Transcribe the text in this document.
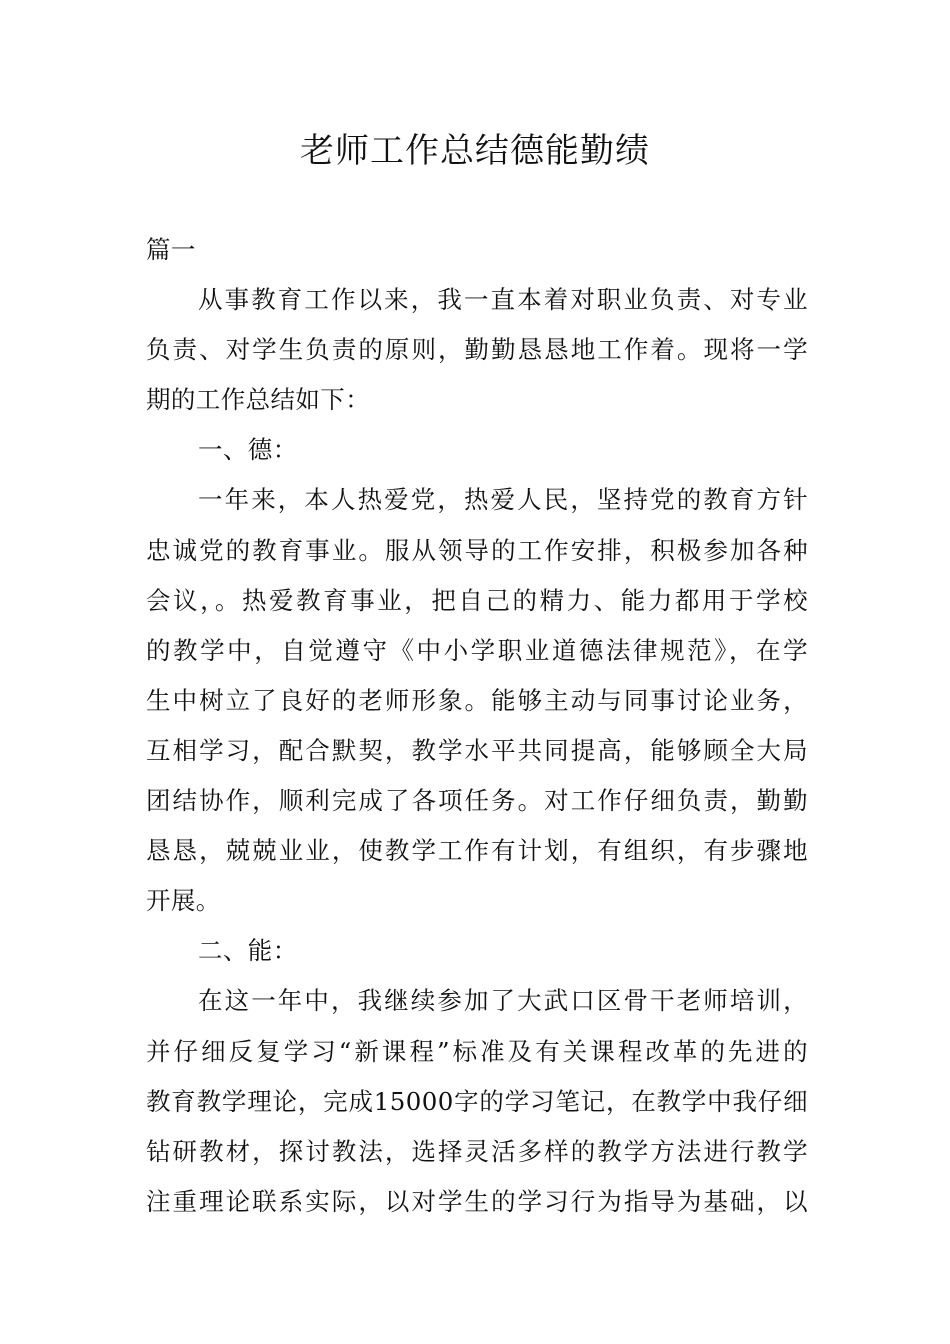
老师工作总结德能勤绩
篇一
从事教育工作以来，我一直本着对职业负责、对专业
负责、对学生负责的原则，勤勤恳恳地工作着。现将一学
期的工作总结如下：
一、德：
一年来，本人热爱党，热爱人民，坚持党的教育方针
忠诚党的教育事业。服从领导的工作安排，积极参加各种
会议，。热爱教育事业，把自己的精力、能力都用于学校
的教学中，自觉遵守《中小学职业道德法律规范》，在学
生中树立了良好的老师形象。能够主动与同事讨论业务，
互相学习，配合默契，教学水平共同提高，能够顾全大局
团结协作，顺利完成了各项任务。对工作仔细负责，勤勤
恳恳，兢兢业业，使教学工作有计划，有组织，有步骤地
开展。
二、能：
在这一年中，我继续参加了大武口区骨干老师培训，
并仔细反复学习“新课程”标准及有关课程改革的先进的
教育教学理论，完成15000字的学习笔记，在教学中我仔细
钻研教材，探讨教法，选择灵活多样的教学方法进行教学
注重理论联系实际，以对学生的学习行为指导为基础，以
